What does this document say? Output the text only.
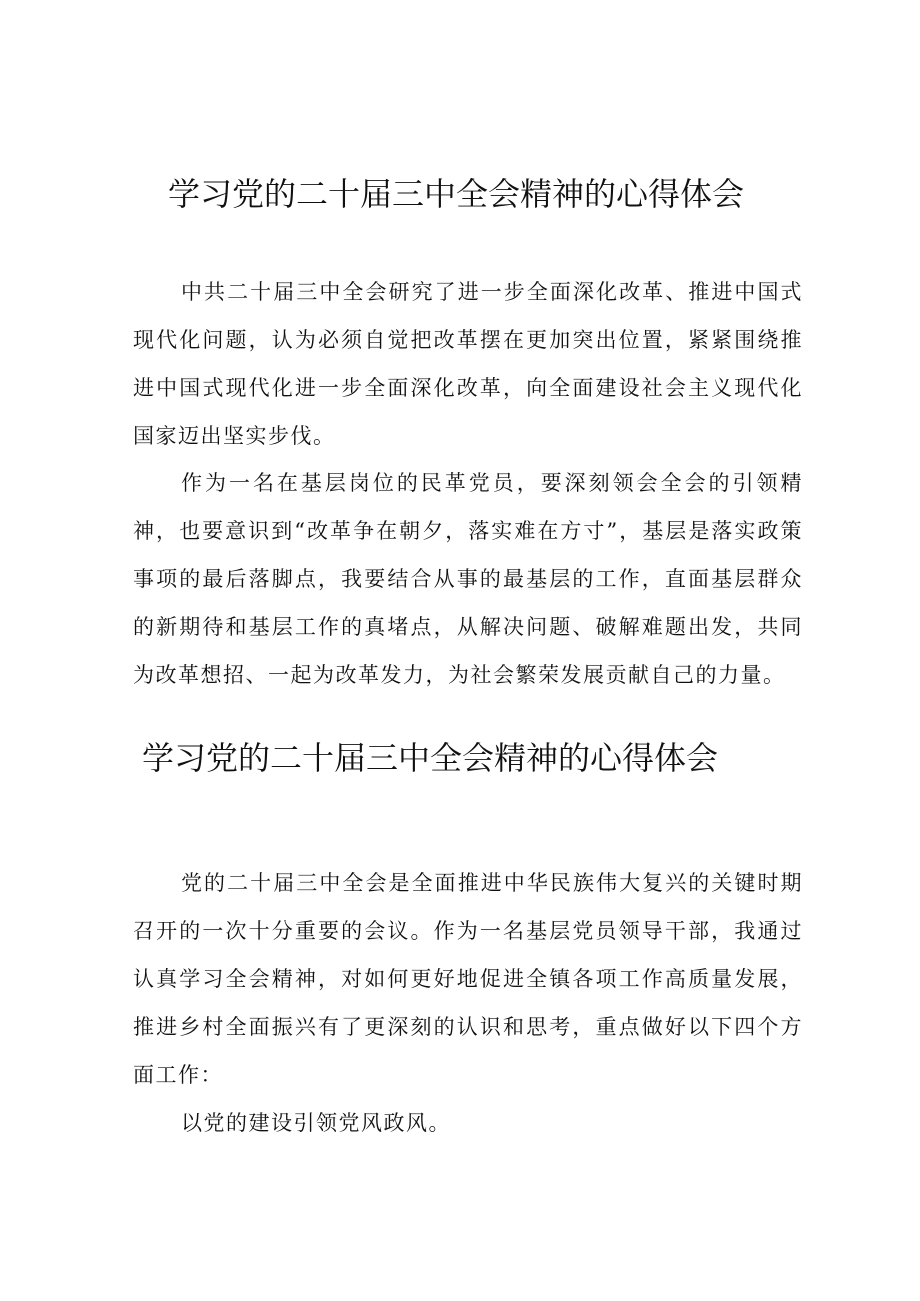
学习党的二十届三中全会精神的心得体会

中共二十届三中全会研究了进一步全面深化改革、推进中国式现代化问题，认为必须自觉把改革摆在更加突出位置，紧紧围绕推进中国式现代化进一步全面深化改革，向全面建设社会主义现代化国家迈出坚实步伐。

作为一名在基层岗位的民革党员，要深刻领会全会的引领精神，也要意识到“改革争在朝夕，落实难在方寸”，基层是落实政策事项的最后落脚点，我要结合从事的最基层的工作，直面基层群众的新期待和基层工作的真堵点，从解决问题、破解难题出发，共同为改革想招、一起为改革发力，为社会繁荣发展贡献自己的力量。

学习党的二十届三中全会精神的心得体会

党的二十届三中全会是全面推进中华民族伟大复兴的关键时期召开的一次十分重要的会议。作为一名基层党员领导干部，我通过认真学习全会精神，对如何更好地促进全镇各项工作高质量发展，推进乡村全面振兴有了更深刻的认识和思考，重点做好以下四个方面工作：

以党的建设引领党风政风。
